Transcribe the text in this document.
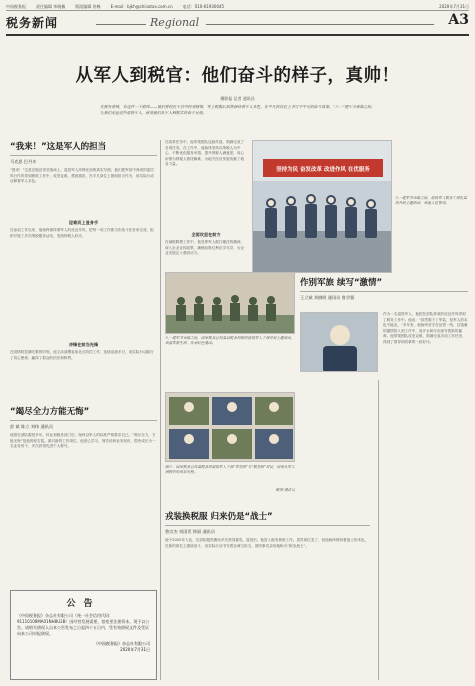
中国税务报	责任编辑 毕晓楠	版面编辑 佟梅	E-mail：bjkh@chinatax.com.cn	电话：010-61930045	2020年7月31日
税务新闻	Regional	A3
从军人到税官：他们奋斗的样子，真帅！
摄影报 记者 通讯员
在税务系统，有这样一个群体——他们曾经在军营中经受锤炼，穿上税服后依然保持着军人本色，在平凡的岗位上书写不平凡的奋斗故事。“八一”建军节来临之际，让我们走近这些退役军人，感受他们从军人到税官的奋斗足迹。
“我来！”这是军人的担当
马克思 巴丹木
“我来！”这是在脱贫攻坚战场上，退役军人冲锋在前的真实写照。他们把军营中养成的雷厉风行作风带到税收工作中，攻坚克难，勇挑重担，在平凡岗位上展现担当作为，用实际行动诠释着军人本色。
迎难而上显身手
自参加工作以来，他始终保持着军人的优良作风，把每一项工作都当作战斗任务来完成，组织开展了多次纳税服务活动，受到纳税人好评。
冲锋在前当先锋
在疫情防控最吃紧的时刻，他主动请缨参加社区防控工作，连续奋战多日，用实际行动践行了初心使命，赢得了群众的信任和称赞。
“竭尽全力方能无悔”
彭 斌 陈立 刘伟 通讯员
他曾在部队服役多年，转业到税务部门后，始终以军人的标准严格要求自己。“竭尽全力，方能无悔”是他的座右铭。面对新的工作岗位，他虚心学习，刻苦钻研业务知识，很快成长为一名业务骨干，多次获得先进个人称号。
公告
《中国税务报》杂志社有限公司（统一社会信用代码：91110108MA01NH8U2B）因经营发展需要，拟变更注册资本，现予以公告。请相关债权人自本公告发布之日起四十五日内，凭有效债权文件及凭证向本公司申报债权。
《中国税务报》杂志社有限公司
2020年7月31日
在改革任务中，他带领团队连续作战，圆满完成了各项任务。在工作中，他始终坚持以纳税人为中心，不断优化服务举措，提升纳税人满意度，用心用情为纳税人排忧解难，为地方经济发展贡献了税务力量。
全面攻坚在前方
在减税降费工作中，他发挥军人敢打硬仗的精神，深入企业宣传政策，确保政策红利应享尽享，为企业发展注入强劲动力。
坚持为民 奋发改革 改进作风 在优服务
八一建军节来临之际，退役军人税务干部在某局开展主题活动，重温入伍誓词。
八一建军节来临之际，国家税务总局某县税务局组织退役军人干部开展主题活动，重温军旅生活，传承红色基因。
图片：国家税务总局某税务局退役军人干部“军装照”与“税装照”对比，展现从军人到税官的成长历程。
鲜明 通讯员
作别军旅 续写“激情”
王立斌 刘晓明 通讯员 鲁学强
作为一名退役军人，他把在部队养成的优良作风带到了税务工作中。他说：“虽然脱下了军装，但军人的本色不能丢。”多年来，他始终坚守在征管一线，以饱满的激情投入到工作中，用汗水和付出续写着新的篇章。他带领团队攻坚克难，圆满完成各项工作任务，得到了领导和同事的一致好评。
戎装换税服 归来仍是“战士”
鲁宗杰 刘国青 徐丽 通讯员
他于2002年入伍，在部队服役期间多次获得嘉奖。退役后，他进入税务系统工作。虽然岗位变了，但他始终保持着战士的本色，在新的岗位上继续奋斗，用实际行动书写着忠诚与担当，被同事们亲切地称为“税务战士”。
